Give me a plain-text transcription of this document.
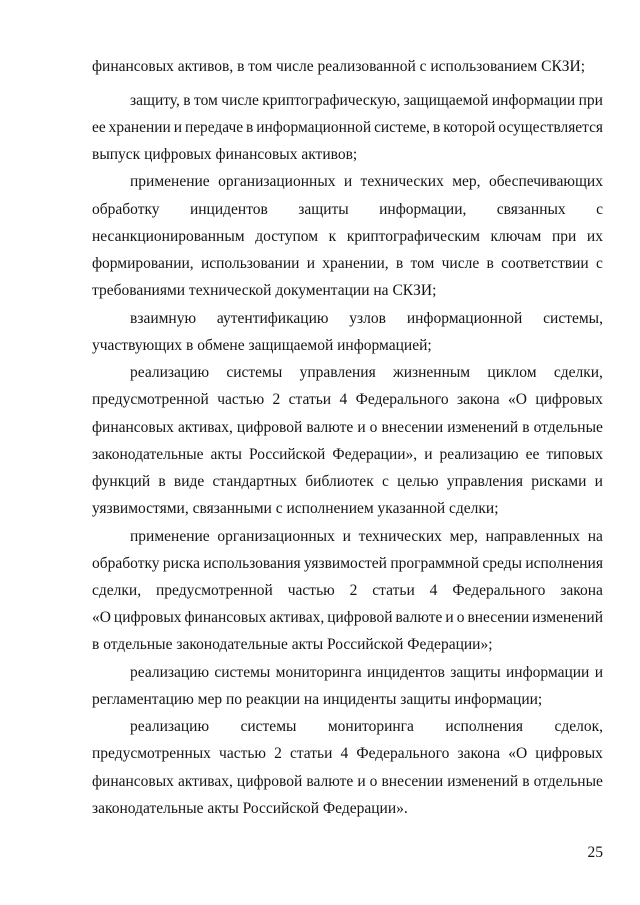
финансовых активов, в том числе реализованной с использованием СКЗИ;
защиту, в том числе криптографическую, защищаемой информации при
ее хранении и передаче в информационной системе, в которой осуществляется
выпуск цифровых финансовых активов;
применение организационных и технических мер, обеспечивающих
обработку инцидентов защиты информации, связанных с
несанкционированным доступом к криптографическим ключам при их
формировании, использовании и хранении, в том числе в соответствии с
требованиями технической документации на СКЗИ;
взаимную аутентификацию узлов информационной системы,
участвующих в обмене защищаемой информацией;
реализацию системы управления жизненным циклом сделки,
предусмотренной частью 2 статьи 4 Федерального закона «О цифровых
финансовых активах, цифровой валюте и о внесении изменений в отдельные
законодательные акты Российской Федерации», и реализацию ее типовых
функций в виде стандартных библиотек с целью управления рисками и
уязвимостями, связанными с исполнением указанной сделки;
применение организационных и технических мер, направленных на
обработку риска использования уязвимостей программной среды исполнения
сделки, предусмотренной частью 2 статьи 4 Федерального закона
«О цифровых финансовых активах, цифровой валюте и о внесении изменений
в отдельные законодательные акты Российской Федерации»;
реализацию системы мониторинга инцидентов защиты информации и
регламентацию мер по реакции на инциденты защиты информации;
реализацию системы мониторинга исполнения сделок,
предусмотренных частью 2 статьи 4 Федерального закона «О цифровых
финансовых активах, цифровой валюте и о внесении изменений в отдельные
законодательные акты Российской Федерации».
25
